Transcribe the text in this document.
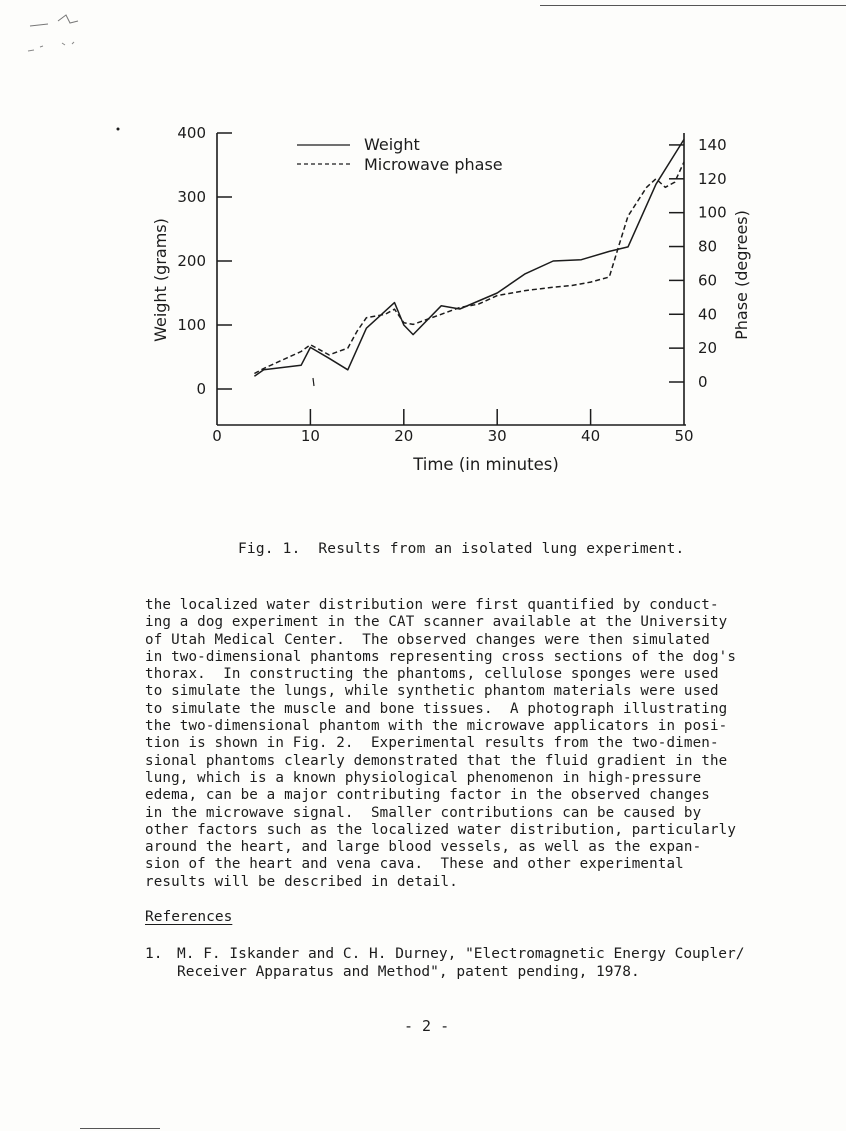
0	10	20	30	40	50
0
100
200
300
400
0
20
40
60
80
100
120
140
Weight
Microwave phase
Time (in minutes)
Weight (grams)	Phase (degrees)
Fig. 1.  Results from an isolated lung experiment.
the localized water distribution were first quantified by conduct-
ing a dog experiment in the CAT scanner available at the University
of Utah Medical Center.  The observed changes were then simulated
in two-dimensional phantoms representing cross sections of the dog's
thorax.  In constructing the phantoms, cellulose sponges were used
to simulate the lungs, while synthetic phantom materials were used
to simulate the muscle and bone tissues.  A photograph illustrating
the two-dimensional phantom with the microwave applicators in posi-
tion is shown in Fig. 2.  Experimental results from the two-dimen-
sional phantoms clearly demonstrated that the fluid gradient in the
lung, which is a known physiological phenomenon in high-pressure
edema, can be a major contributing factor in the observed changes
in the microwave signal.  Smaller contributions can be caused by
other factors such as the localized water distribution, particularly
around the heart, and large blood vessels, as well as the expan-
sion of the heart and vena cava.  These and other experimental
results will be described in detail.
References
1.	M. F. Iskander and C. H. Durney, "Electromagnetic Energy Coupler/
Receiver Apparatus and Method", patent pending, 1978.
- 2 -
